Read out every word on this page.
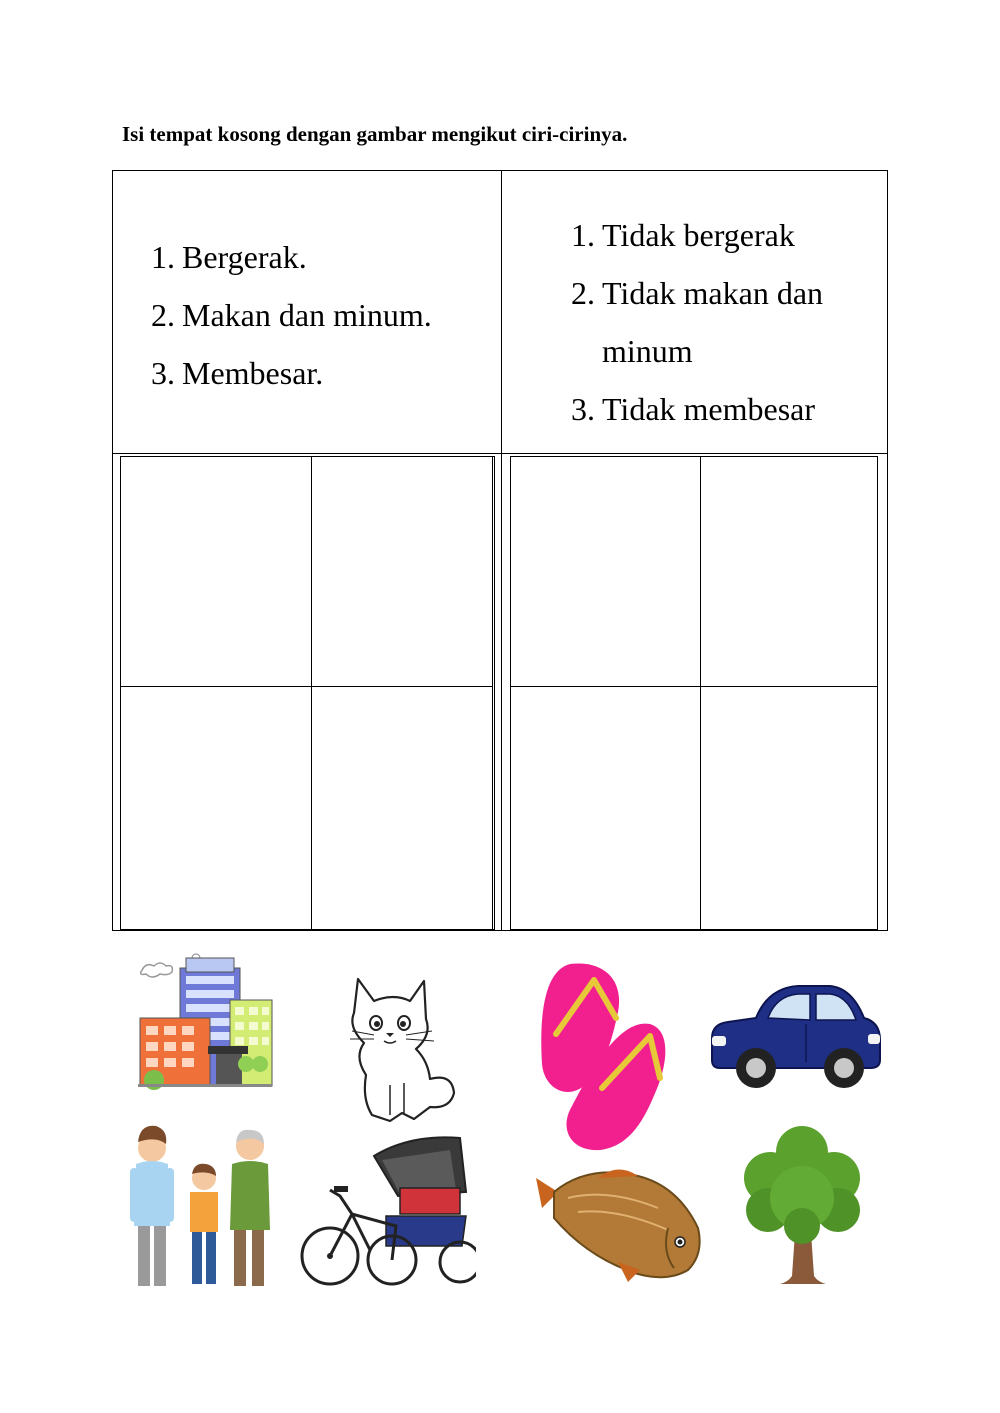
Isi tempat kosong dengan gambar mengikut ciri-cirinya.

1. Bergerak.
2. Makan dan minum.
3. Membesar.
1. Tidak bergerak
2. Tidak makan dan
minum
3. Tidak membesar
